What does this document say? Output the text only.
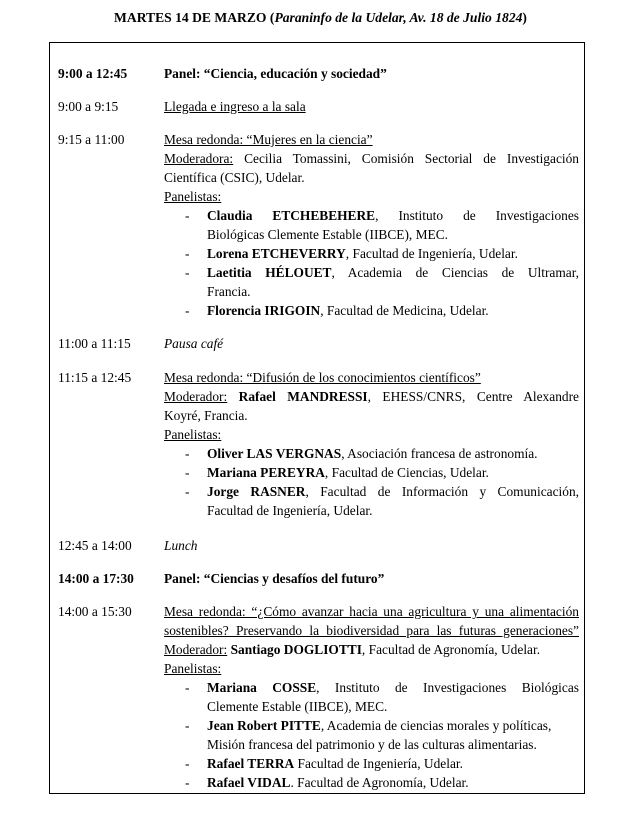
MARTES 14 DE MARZO (Paraninfo de la Udelar, Av. 18 de Julio 1824)
9:00 a 12:45	Panel: “Ciencia, educación y sociedad”
9:00 a 9:15	Llegada e ingreso a la sala
9:15 a 11:00	Mesa redonda: “Mujeres en la ciencia”
Moderadora: Cecilia Tomassini, Comisión Sectorial de Investigación
Científica (CSIC), Udelar.
Panelistas:
- Claudia ETCHEBEHERE, Instituto de Investigaciones
Biológicas Clemente Estable (IIBCE), MEC.
- Lorena ETCHEVERRY, Facultad de Ingeniería, Udelar.
- Laetitia HÉLOUET, Academia de Ciencias de Ultramar,
Francia.
- Florencia IRIGOIN, Facultad de Medicina, Udelar.
11:00 a 11:15 Pausa café
11:15 a 12:45 Mesa redonda: “Difusión de los conocimientos científicos”
Moderador: Rafael MANDRESSI, EHESS/CNRS, Centre Alexandre
Koyré, Francia.
Panelistas:
- Oliver LAS VERGNAS, Asociación francesa de astronomía.
- Mariana PEREYRA, Facultad de Ciencias, Udelar.
- Jorge RASNER, Facultad de Información y Comunicación,
Facultad de Ingeniería, Udelar.
12:45 a 14:00 Lunch
14:00 a 17:30 Panel: “Ciencias y desafíos del futuro”
14:00 a 15:30 Mesa redonda: “¿Cómo avanzar hacia una agricultura y una alimentación
sostenibles? Preservando la biodiversidad para las futuras generaciones”
Moderador: Santiago DOGLIOTTI, Facultad de Agronomía, Udelar.
Panelistas:
- Mariana COSSE, Instituto de Investigaciones Biológicas
Clemente Estable (IIBCE), MEC.
- Jean Robert PITTE, Academia de ciencias morales y políticas,
Misión francesa del patrimonio y de las culturas alimentarias.
- Rafael TERRA Facultad de Ingeniería, Udelar.
- Rafael VIDAL. Facultad de Agronomía, Udelar.
